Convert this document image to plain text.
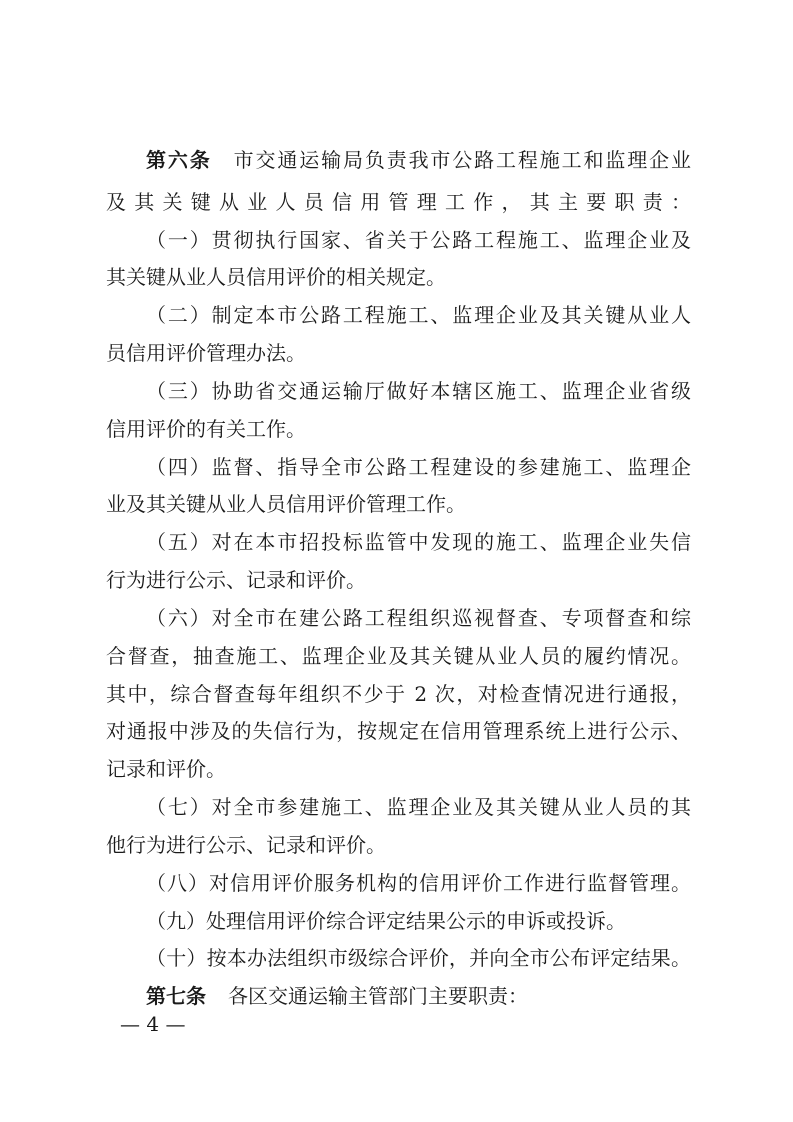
第六条 市交通运输局负责我市公路工程施工和监理企业
及其关键从业人员信用管理工作，其主要职责：
（一）贯彻执行国家、省关于公路工程施工、监理企业及
其关键从业人员信用评价的相关规定。
（二）制定本市公路工程施工、监理企业及其关键从业人
员信用评价管理办法。
（三）协助省交通运输厅做好本辖区施工、监理企业省级
信用评价的有关工作。
（四）监督、指导全市公路工程建设的参建施工、监理企
业及其关键从业人员信用评价管理工作。
（五）对在本市招投标监管中发现的施工、监理企业失信
行为进行公示、记录和评价。
（六）对全市在建公路工程组织巡视督查、专项督查和综
合督查，抽查施工、监理企业及其关键从业人员的履约情况。
其中，综合督查每年组织不少于 2 次，对检查情况进行通报，
对通报中涉及的失信行为，按规定在信用管理系统上进行公示、
记录和评价。
（七）对全市参建施工、监理企业及其关键从业人员的其
他行为进行公示、记录和评价。
（八）对信用评价服务机构的信用评价工作进行监督管理。
（九）处理信用评价综合评定结果公示的申诉或投诉。
（十）按本办法组织市级综合评价，并向全市公布评定结果。
第七条 各区交通运输主管部门主要职责：
— 4 —
